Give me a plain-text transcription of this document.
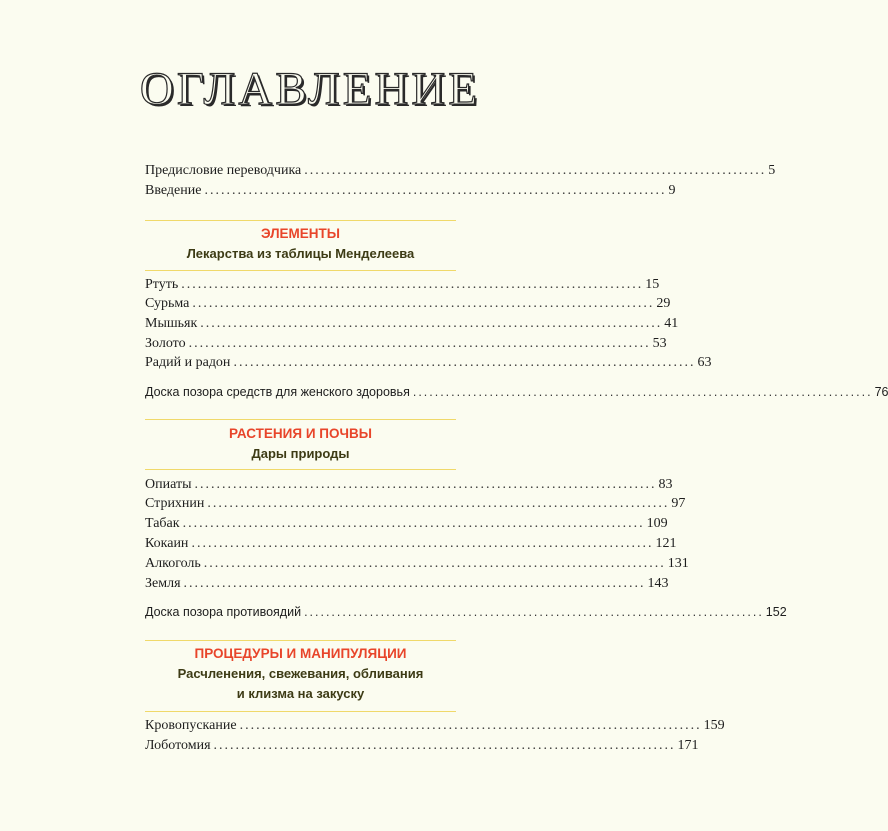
ОГЛАВЛЕНИЕ
Предисловие переводчика .................................................................................... 5
Введение .................................................................................... 9
ЭЛЕМЕНТЫ
Лекарства из таблицы Менделеева
Ртуть .................................................................................... 15
Сурьма .................................................................................... 29
Мышьяк .................................................................................... 41
Золото .................................................................................... 53
Радий и радон .................................................................................... 63
Доска позора средств для женского здоровья .................................................................................... 76
РАСТЕНИЯ И ПОЧВЫ
Дары природы
Опиаты .................................................................................... 83
Стрихнин .................................................................................... 97
Табак .................................................................................... 109
Кокаин .................................................................................... 121
Алкоголь .................................................................................... 131
Земля .................................................................................... 143
Доска позора противоядий .................................................................................... 152
ПРОЦЕДУРЫ И МАНИПУЛЯЦИИ
Расчленения, свежевания, обливания
и клизма на закуску
Кровопускание .................................................................................... 159
Лоботомия .................................................................................... 171
